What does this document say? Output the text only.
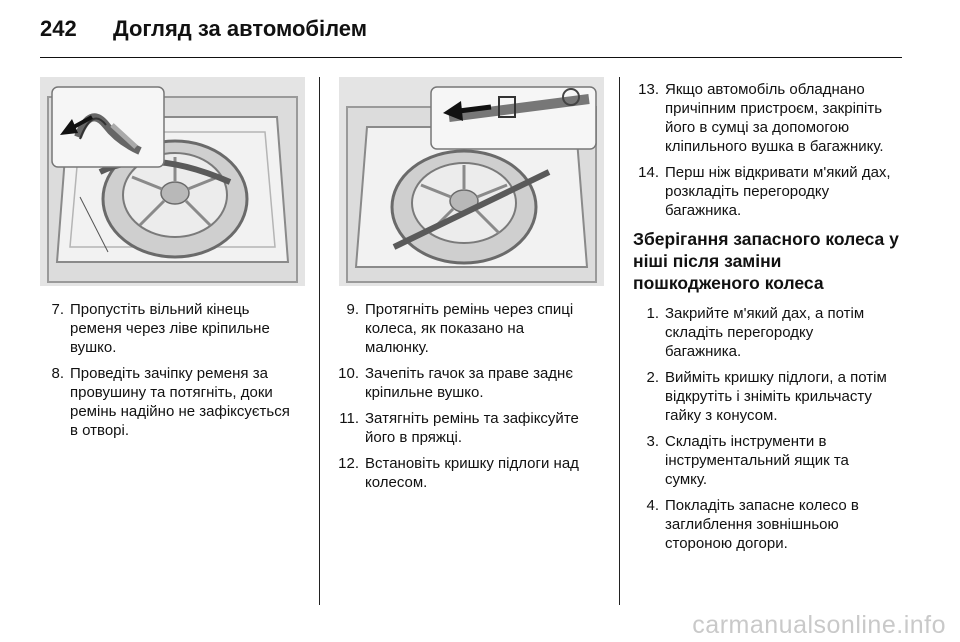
242 Догляд за автомобілем
7. Пропустіть вільний кінець
ременя через ліве кріпильне
вушко.
8. Проведіть зачіпку ременя за
провушину та потягніть, доки
ремінь надійно не зафіксується
в отворі.
9. Протягніть ремінь через спиці
колеса, як показано на
малюнку.
10. Зачепіть гачок за праве заднє
кріпильне вушко.
11. Затягніть ремінь та зафіксуйте
його в пряжці.
12. Встановіть кришку підлоги над
колесом.
13. Якщо автомобіль обладнано
причіпним пристроєм, закріпіть
його в сумці за допомогою
клiпильного вушка в багажнику.
14. Перш ніж відкривати м'який дах,
розкладіть перегородку
багажника.
Зберігання запасного колеса у
ніші після заміни
пошкодженого колеса
1. Закрийте м'який дах, а потім
складіть перегородку
багажника.
2. Вийміть кришку підлоги, а потім
відкрутіть і зніміть крильчасту
гайку з конусом.
3. Складіть інструменти в
інструментальний ящик та
сумку.
4. Покладіть запасне колесо в
заглиблення зовнішньою
стороною догори.
carmanualsonline.info
